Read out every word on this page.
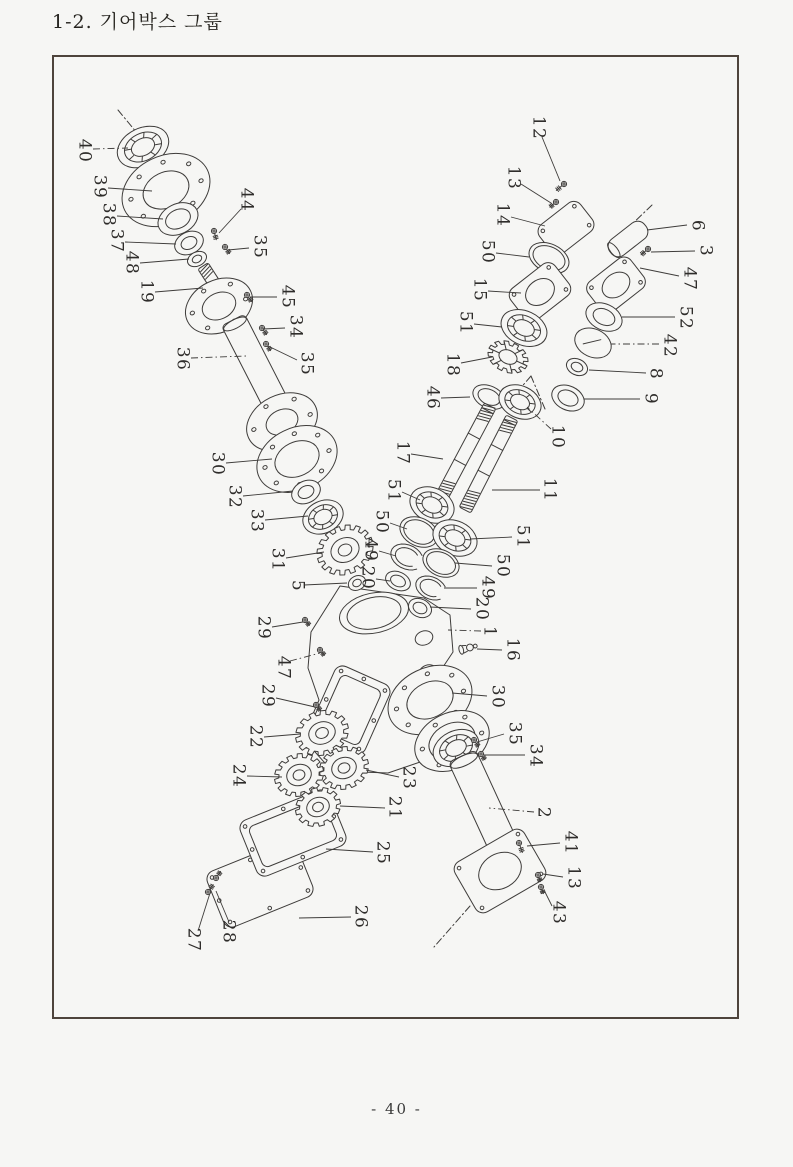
1-2. 기어박스 그룹
40
39
38
37
48
19
44
35
45
34
35
36
30
32
33
31
5
29
47
29
22
24	23
21
25
26
27 28
12
13
14
50
15
51
18
46
17
10
11
51
50
49
20
51
50
49
20
1
16
30
35
34
2
41
13
43
6
3
47
52
42
8
9
- 40 -
